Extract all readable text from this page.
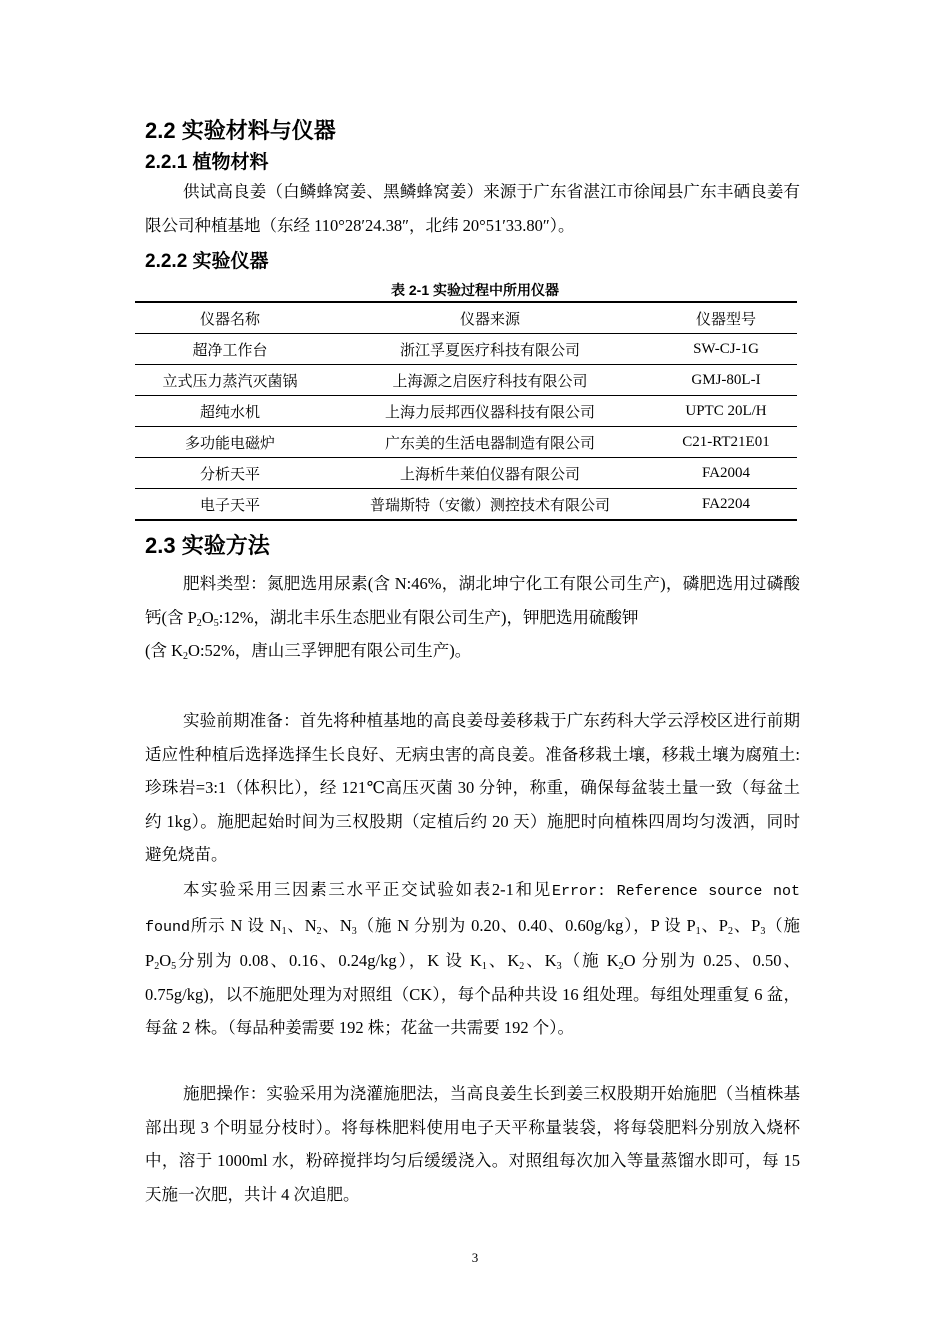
2.2 实验材料与仪器
2.2.1 植物材料
供试高良姜（白鳞蜂窝姜、黑鳞蜂窝姜）来源于广东省湛江市徐闻县广东丰硒良姜有限公司种植基地（东经 110°28′24.38″，北纬 20°51′33.80″）。
2.2.2 实验仪器
表 2-1 实验过程中所用仪器
仪器名称	仪器来源	仪器型号
超净工作台	浙江孚夏医疗科技有限公司	SW-CJ-1G
立式压力蒸汽灭菌锅	上海源之启医疗科技有限公司	GMJ-80L-I
超纯水机	上海力辰邦西仪器科技有限公司	UPTC 20L/H
多功能电磁炉	广东美的生活电器制造有限公司	C21-RT21E01
分析天平	上海析牛莱伯仪器有限公司	FA2004
电子天平	普瑞斯特（安徽）测控技术有限公司	FA2204
2.3 实验方法
肥料类型：氮肥选用尿素(含 N:46%，湖北坤宁化工有限公司生产)，磷肥选用过磷酸钙(含 $P_2O_5:12\%$，湖北丰乐生态肥业有限公司生产)，钾肥选用硫酸钾
(含 $K_2O:52\%$，唐山三孚钾肥有限公司生产)。
实验前期准备：首先将种植基地的高良姜母姜移栽于广东药科大学云浮校区进行前期适应性种植后选择选择生长良好、无病虫害的高良姜。准备移栽土壤，移栽土壤为腐殖土:珍珠岩=3:1（体积比），经 121℃高压灭菌 30 分钟，称重，确保每盆装土量一致（每盆土约 1kg）。施肥起始时间为三权股期（定植后约 20 天）施肥时向植株四周均匀泼洒，同时避免烧苗。
本实验采用三因素三水平正交试验如表2-1和见Error: Reference source not found所示 N 设 $N_1$、$N_2$、$N_3$（施 N 分别为 0.20、0.40、0.60g/kg），P 设 $P_1$、$P_2$、$P_3$（施 $P_2O_5$分别为 0.08、0.16、0.24g/kg），K 设 $K_1$、$K_2$、$K_3$（施 $K_2O$ 分别为 0.25、0.50、0.75g/kg)，以不施肥处理为对照组（CK），每个品种共设 16 组处理。每组处理重复 6 盆，每盆 2 株。（每品种姜需要 192 株；花盆一共需要 192 个）。
施肥操作：实验采用为浇灌施肥法，当高良姜生长到姜三权股期开始施肥（当植株基部出现 3 个明显分枝时）。将每株肥料使用电子天平称量装袋，将每袋肥料分别放入烧杯中，溶于 1000ml 水，粉碎搅拌均匀后缓缓浇入。对照组每次加入等量蒸馏水即可，每 15 天施一次肥，共计 4 次追肥。
3
